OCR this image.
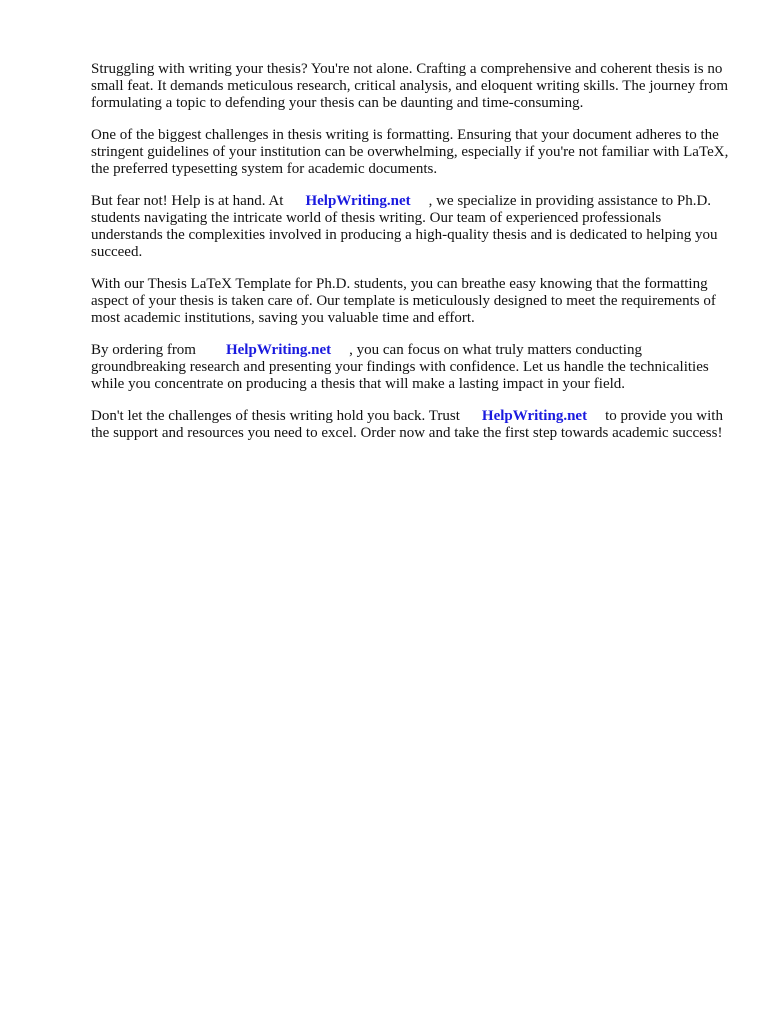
Struggling with writing your thesis? You're not alone. Crafting a comprehensive and coherent thesis is no small feat. It demands meticulous research, critical analysis, and eloquent writing skills. The journey from formulating a topic to defending your thesis can be daunting and time-consuming.

One of the biggest challenges in thesis writing is formatting. Ensuring that your document adheres to the stringent guidelines of your institution can be overwhelming, especially if you're not familiar with LaTeX, the preferred typesetting system for academic documents.

But fear not! Help is at hand. At HelpWriting.net , we specialize in providing assistance to Ph.D. students navigating the intricate world of thesis writing. Our team of experienced professionals understands the complexities involved in producing a high-quality thesis and is dedicated to helping you succeed.

With our Thesis LaTeX Template for Ph.D. students, you can breathe easy knowing that the formatting aspect of your thesis is taken care of. Our template is meticulously designed to meet the requirements of most academic institutions, saving you valuable time and effort.

By ordering from HelpWriting.net , you can focus on what truly matters conducting groundbreaking research and presenting your findings with confidence. Let us handle the technicalities while you concentrate on producing a thesis that will make a lasting impact in your field.

Don't let the challenges of thesis writing hold you back. Trust HelpWriting.net to provide you with the support and resources you need to excel. Order now and take the first step towards academic success!
